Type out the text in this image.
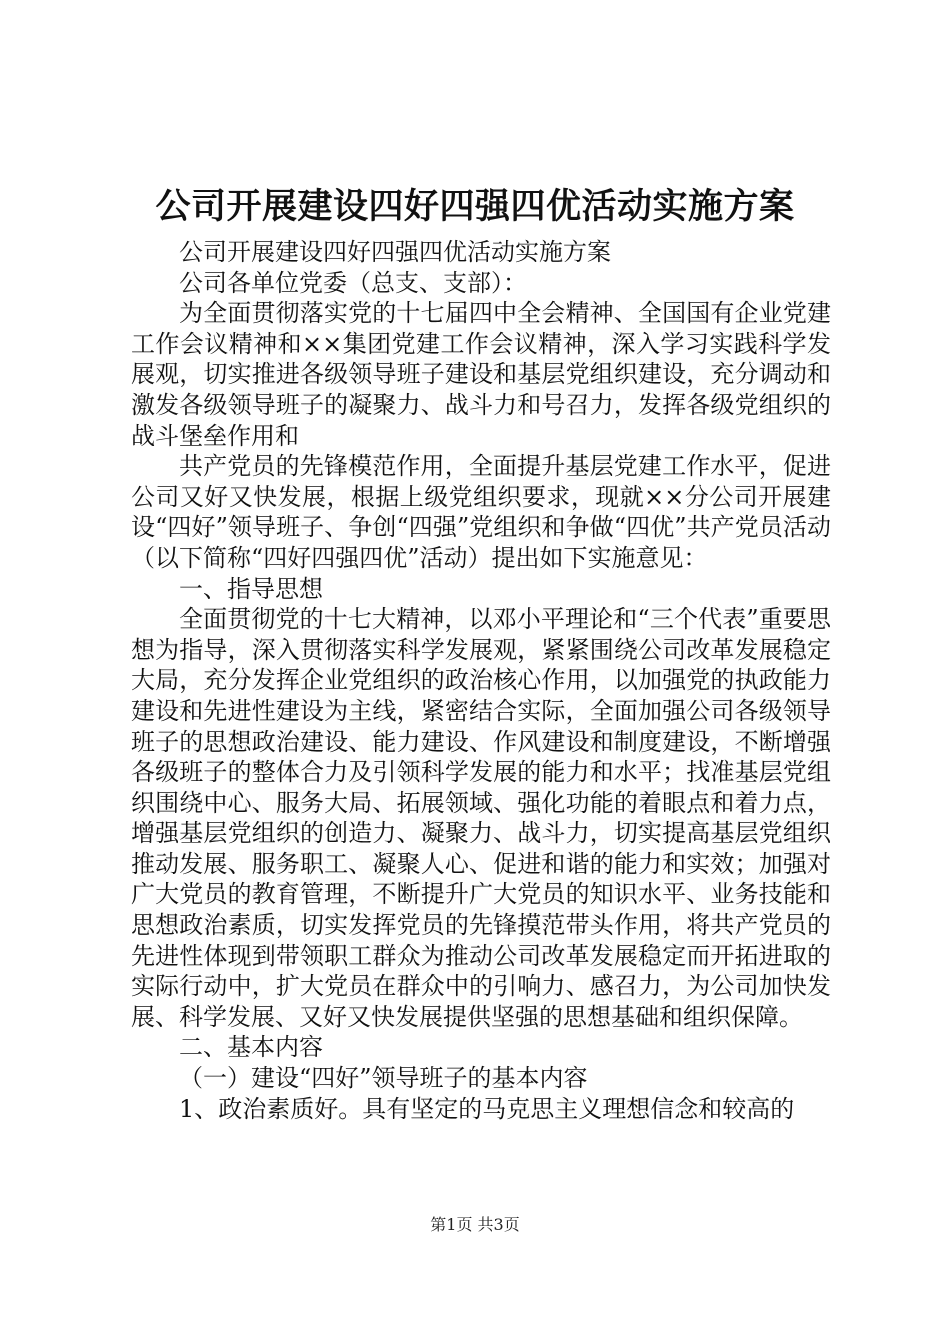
公司开展建设四好四强四优活动实施方案

公司开展建设四好四强四优活动实施方案

公司各单位党委（总支、支部）：

为全面贯彻落实党的十七届四中全会精神、全国国有企业党建工作会议精神和××集团党建工作会议精神，深入学习实践科学发展观，切实推进各级领导班子建设和基层党组织建设，充分调动和激发各级领导班子的凝聚力、战斗力和号召力，发挥各级党组织的战斗堡垒作用和

共产党员的先锋模范作用，全面提升基层党建工作水平，促进公司又好又快发展，根据上级党组织要求，现就××分公司开展建设“四好”领导班子、争创“四强”党组织和争做“四优”共产党员活动（以下简称“四好四强四优”活动）提出如下实施意见：

一、指导思想

全面贯彻党的十七大精神，以邓小平理论和“三个代表”重要思想为指导，深入贯彻落实科学发展观，紧紧围绕公司改革发展稳定大局，充分发挥企业党组织的政治核心作用，以加强党的执政能力建设和先进性建设为主线，紧密结合实际，全面加强公司各级领导班子的思想政治建设、能力建设、作风建设和制度建设，不断增强各级班子的整体合力及引领科学发展的能力和水平；找准基层党组织围绕中心、服务大局、拓展领域、强化功能的着眼点和着力点，增强基层党组织的创造力、凝聚力、战斗力，切实提高基层党组织推动发展、服务职工、凝聚人心、促进和谐的能力和实效；加强对广大党员的教育管理，不断提升广大党员的知识水平、业务技能和思想政治素质，切实发挥党员的先锋摸范带头作用，将共产党员的先进性体现到带领职工群众为推动公司改革发展稳定而开拓进取的实际行动中，扩大党员在群众中的引响力、感召力，为公司加快发展、科学发展、又好又快发展提供坚强的思想基础和组织保障。

二、基本内容

（一）建设“四好”领导班子的基本内容

1、政治素质好。具有坚定的马克思主义理想信念和较高的

第1页 共3页
